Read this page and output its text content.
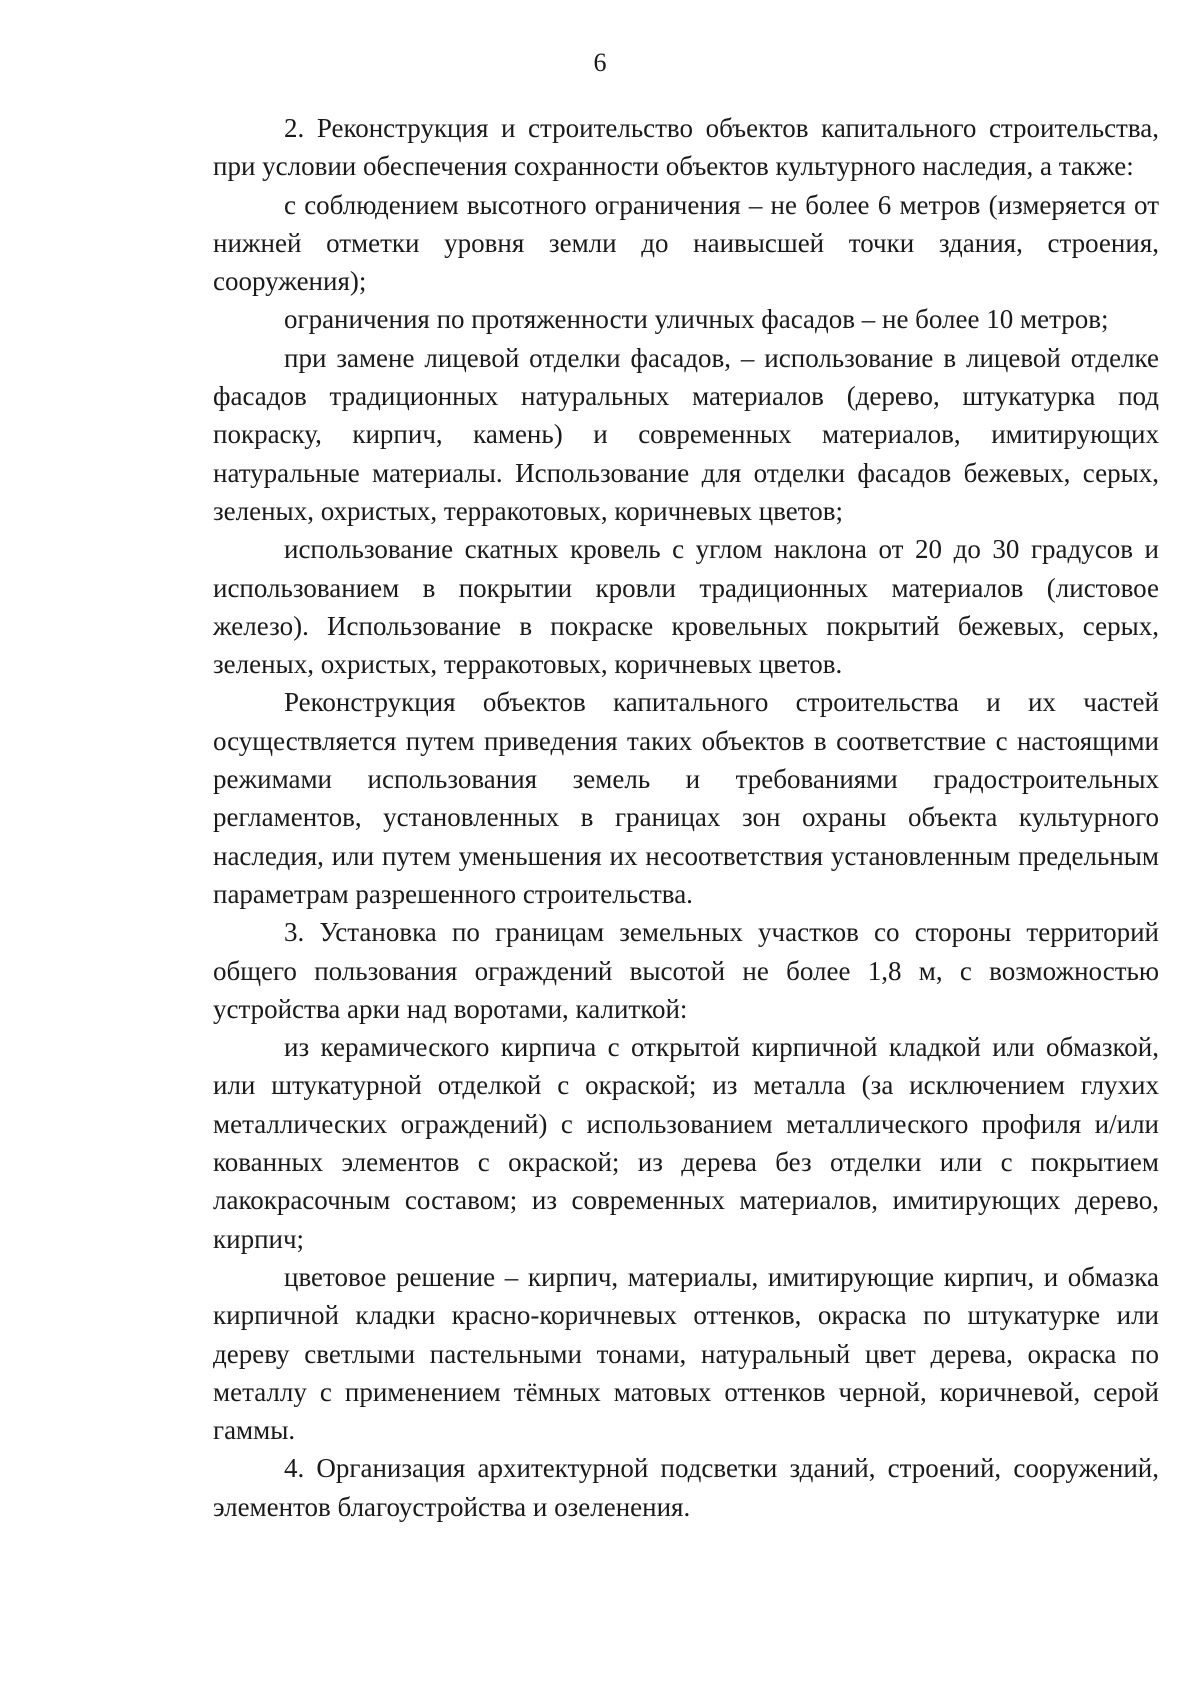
6

2. Реконструкция и строительство объектов капитального строительства, при условии обеспечения сохранности объектов культурного наследия, а также:

с соблюдением высотного ограничения – не более 6 метров (измеряется от нижней отметки уровня земли до наивысшей точки здания, строения, сооружения);

ограничения по протяженности уличных фасадов – не более 10 метров;

при замене лицевой отделки фасадов, – использование в лицевой отделке фасадов традиционных натуральных материалов (дерево, штукатурка под покраску, кирпич, камень) и современных материалов, имитирующих натуральные материалы. Использование для отделки фасадов бежевых, серых, зеленых, охристых, терракотовых, коричневых цветов;

использование скатных кровель с углом наклона от 20 до 30 градусов и использованием в покрытии кровли традиционных материалов (листовое железо). Использование в покраске кровельных покрытий бежевых, серых, зеленых, охристых, терракотовых, коричневых цветов.

Реконструкция объектов капитального строительства и их частей осуществляется путем приведения таких объектов в соответствие с настоящими режимами использования земель и требованиями градостроительных регламентов, установленных в границах зон охраны объекта культурного наследия, или путем уменьшения их несоответствия установленным предельным параметрам разрешенного строительства.

3. Установка по границам земельных участков со стороны территорий общего пользования ограждений высотой не более 1,8 м, с возможностью устройства арки над воротами, калиткой:

из керамического кирпича с открытой кирпичной кладкой или обмазкой, или штукатурной отделкой с окраской; из металла (за исключением глухих металлических ограждений) с использованием металлического профиля и/или кованных элементов с окраской; из дерева без отделки или с покрытием лакокрасочным составом; из современных материалов, имитирующих дерево, кирпич;

цветовое решение – кирпич, материалы, имитирующие кирпич, и обмазка кирпичной кладки красно-коричневых оттенков, окраска по штукатурке или дереву светлыми пастельными тонами, натуральный цвет дерева, окраска по металлу с применением тёмных матовых оттенков черной, коричневой, серой гаммы.

4. Организация архитектурной подсветки зданий, строений, сооружений, элементов благоустройства и озеленения.
